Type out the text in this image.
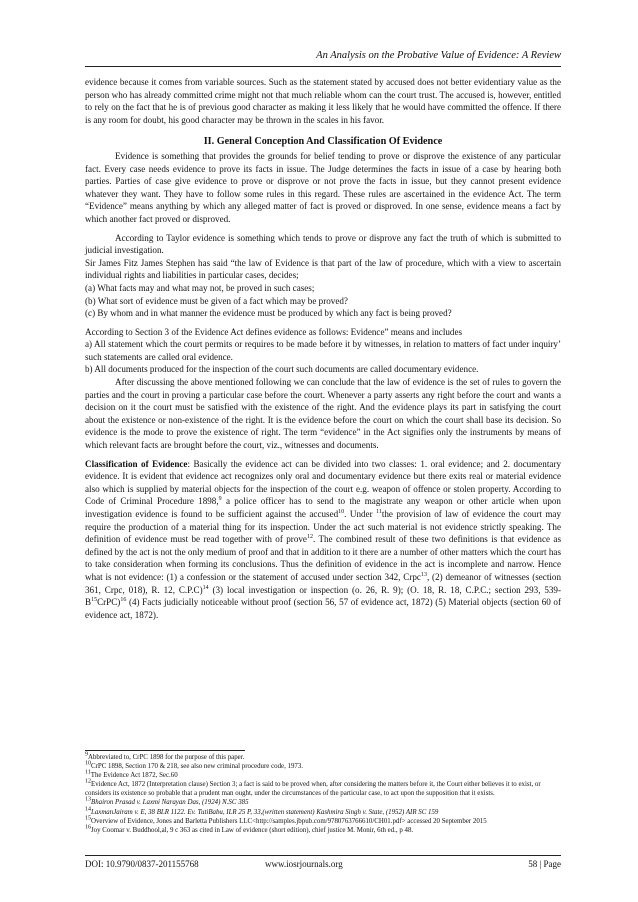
An Analysis on the Probative Value of Evidence: A Review

evidence because it comes from variable sources. Such as the statement stated by accused does not better evidentiary value as the person who has already committed crime might not that much reliable whom can the court trust. The accused is, however, entitled to rely on the fact that he is of previous good character as making it less likely that he would have committed the offence. If there is any room for doubt, his good character may be thrown in the scales in his favor.

II. General Conception And Classification Of Evidence

Evidence is something that provides the grounds for belief tending to prove or disprove the existence of any particular fact. Every case needs evidence to prove its facts in issue. The Judge determines the facts in issue of a case by hearing both parties. Parties of case give evidence to prove or disprove or not prove the facts in issue, but they cannot present evidence whatever they want. They have to follow some rules in this regard. These rules are ascertained in the evidence Act. The term “Evidence” means anything by which any alleged matter of fact is proved or disproved. In one sense, evidence means a fact by which another fact proved or disproved.

According to Taylor evidence is something which tends to prove or disprove any fact the truth of which is submitted to judicial investigation.

Sir James Fitz James Stephen has said “the law of Evidence is that part of the law of procedure, which with a view to ascertain individual rights and liabilities in particular cases, decides;

(a) What facts may and what may not, be proved in such cases;

(b) What sort of evidence must be given of a fact which may be proved?

(c) By whom and in what manner the evidence must be produced by which any fact is being proved?

According to Section 3 of the Evidence Act defines evidence as follows: Evidence” means and includes

a) All statement which the court permits or requires to be made before it by witnesses, in relation to matters of fact under inquiry’ such statements are called oral evidence.

b) All documents produced for the inspection of the court such documents are called documentary evidence.

After discussing the above mentioned following we can conclude that the law of evidence is the set of rules to govern the parties and the court in proving a particular case before the court. Whenever a party asserts any right before the court and wants a decision on it the court must be satisfied with the existence of the right. And the evidence plays its part in satisfying the court about the existence or non-existence of the right. It is the evidence before the court on which the court shall base its decision. So evidence is the mode to prove the existence of right. The term “evidence” in the Act signifies only the instruments by means of which relevant facts are brought before the court, viz., witnesses and documents.

Classification of Evidence: Basically the evidence act can be divided into two classes: 1. oral evidence; and 2. documentary evidence. It is evident that evidence act recognizes only oral and documentary evidence but there exits real or material evidence also which is supplied by material objects for the inspection of the court e.g. weapon of offence or stolen property. According to Code of Criminal Procedure 1898,$^9$ a police officer has to send to the magistrate any weapon or other article when upon investigation evidence is found to be sufficient against the accused$^{10}$. Under $^{11}$the provision of law of evidence the court may require the production of a material thing for its inspection. Under the act such material is not evidence strictly speaking. The definition of evidence must be read together with of prove$^{12}$. The combined result of these two definitions is that evidence as defined by the act is not the only medium of proof and that in addition to it there are a number of other matters which the court has to take consideration when forming its conclusions. Thus the definition of evidence in the act is incomplete and narrow. Hence what is not evidence: (1) a confession or the statement of accused under section 342, Crpc$^{13}$, (2) demeanor of witnesses (section 361, Crpc, 018), R. 12, C.P.C)$^{14}$ (3) local investigation or inspection (o. 26, R. 9); (O. 18, R. 18, C.P.C.; section 293, $539-B^{15}CrPC)^{16}$ (4) Facts judicially noticeable without proof (section 56, 57 of evidence act, 1872) (5) Material objects (section 60 of evidence act, 1872).

$^9$Abbreviated to, CrPC 1898 for the purpose of this paper.

$^{10}$CrPC 1898, Section 170 & 218, see also new criminal procedure code, 1973.

$^{11}$The Evidence Act 1872, Sec.60

$^{12}$Evidence Act, 1872 (Interpretation clause) Section 3; a fact is said to be proved when, after considering the matters before it, the Court either believes it to exist, or considers its existence so probable that a prudent man ought, under the circumstances of the particular case, to act upon the supposition that it exists.

$^{13}$Bhairon Prasad v. Laxmi Narayan Das, (1924) N.SC 385

$^{14}$LaxmanJairam v. E, 38 BLR 1122. Ev. TutiBabu, ILR 25 P, 33,(written statement) Kashmira Singh v. State, (1952) AIR SC 159

$^{15}$Overview of Evidence, Jones and Barletta Publishers LLC<http://samples.jbpub.com/9780763766610/CH01.pdf> accessed 20 September 2015

$^{16}$Joy Coomar v. Buddhool,al, 9 c 363 as cited in Law of evidence (short edition), chief justice M. Monir, 6th ed., p 48.

DOI: 10.9790/0837-201155768	www.iosrjournals.org	58 | Page
